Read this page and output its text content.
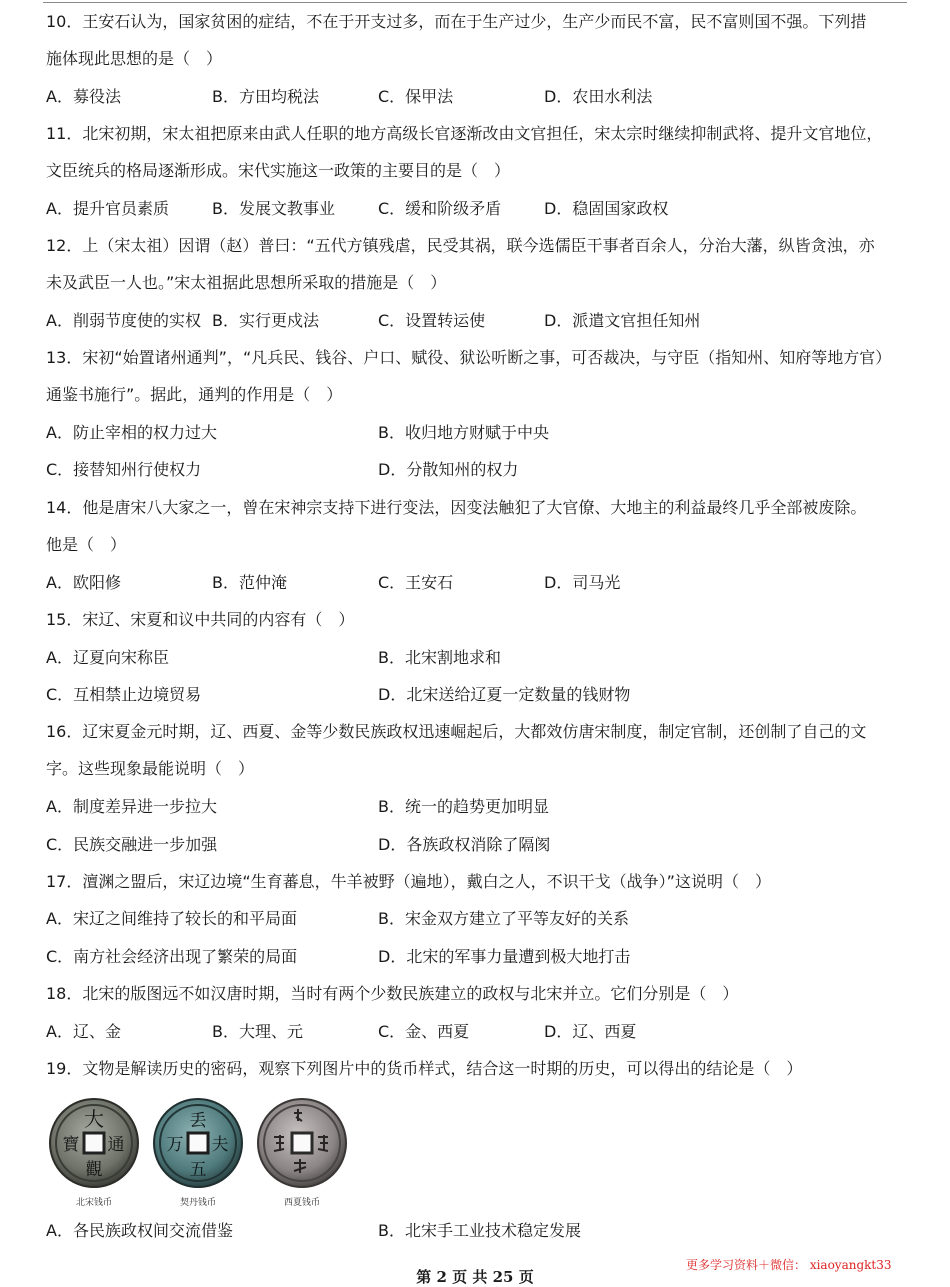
10．王安石认为，国家贫困的症结，不在于开支过多，而在于生产过少，生产少而民不富，民不富则国不强。下列措
施体现此思想的是（　）
A．募役法	B．方田均税法	C．保甲法	D．农田水利法
11．北宋初期，宋太祖把原来由武人任职的地方高级长官逐渐改由文官担任，宋太宗时继续抑制武将、提升文官地位，
文臣统兵的格局逐渐形成。宋代实施这一政策的主要目的是（　）
A．提升官员素质	B．发展文教事业	C．缓和阶级矛盾	D．稳固国家政权
12．上（宋太祖）因谓（赵）普曰：“五代方镇残虐，民受其祸，联今选儒臣干事者百余人，分治大藩，纵皆贪浊，亦
未及武臣一人也。”宋太祖据此思想所采取的措施是（　）
A．削弱节度使的实权 B．实行更戍法	C．设置转运使	D．派遣文官担任知州
13．宋初“始置诸州通判”，“凡兵民、钱谷、户口、赋役、狱讼听断之事，可否裁决，与守臣（指知州、知府等地方官）
通鉴书施行”。据此，通判的作用是（　）
A．防止宰相的权力过大	B．收归地方财赋于中央
C．接替知州行使权力	D．分散知州的权力
14．他是唐宋八大家之一，曾在宋神宗支持下进行变法，因变法触犯了大官僚、大地主的利益最终几乎全部被废除。
他是（　）
A．欧阳修	B．范仲淹	C．王安石	D．司马光
15．宋辽、宋夏和议中共同的内容有（　）
A．辽夏向宋称臣	B．北宋割地求和
C．互相禁止边境贸易	D．北宋送给辽夏一定数量的钱财物
16．辽宋夏金元时期，辽、西夏、金等少数民族政权迅速崛起后，大都效仿唐宋制度，制定官制，还创制了自己的文
字。这些现象最能说明（　）
A．制度差异进一步拉大	B．统一的趋势更加明显
C．民族交融进一步加强	D．各族政权消除了隔阂
17．澶渊之盟后，宋辽边境“生育蕃息，牛羊被野（遍地），戴白之人，不识干戈（战争）”这说明（　）
A．宋辽之间维持了较长的和平局面	B．宋金双方建立了平等友好的关系
C．南方社会经济出现了繁荣的局面	D．北宋的军事力量遭到极大地打击
18．北宋的版图远不如汉唐时期，当时有两个少数民族建立的政权与北宋并立。它们分别是（　）
A．辽、金	B．大理、元	C．金、西夏	D．辽、西夏
19．文物是解读历史的密码，观察下列图片中的货币样式，结合这一时期的历史，可以得出的结论是（　）
大
通
觀
寶
北宋钱币
丢
夫
五
万
契丹钱币	西夏钱币
A．各民族政权间交流借鉴	B．北宋手工业技术稳定发展
更多学习资料＋微信： xiaoyangkt33
第 2 页 共 25 页
